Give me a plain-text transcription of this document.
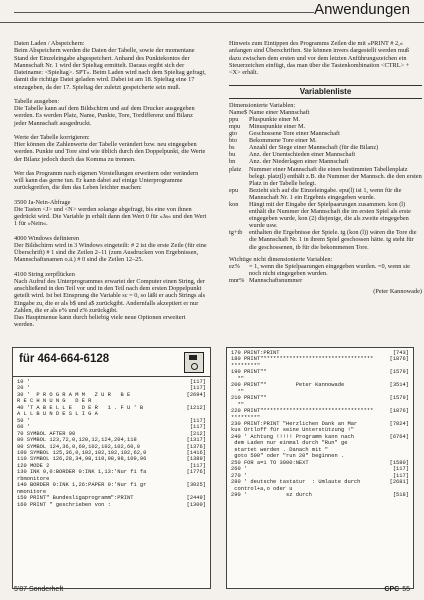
Anwendungen

Daten Laden / Abspeichern:

Beim Abspeichern werden die Daten der Tabelle, sowie der momentane Stand der Einzeleingabe abgespeichert. Anhand des Punktekontos der Mannschaft Nr. 1 wird der Spieltag ermittelt. Daraus ergibt sich der Dateiname: <Spieltag>. SPT«. Beim Laden wird nach dem Spieltag gefragt, damit die richtige Datei geladen wird. Dabei ist am 18. Spieltag eine 17 einzugeben, da der 17. Spieltag der zuletzt gespeicherte sein muß.

Tabelle ausgeben:

Die Tabelle kann auf dem Bildschirm und auf dem Drucker ausgegeben werden. Es werden Platz, Name, Punkte, Tore, Tordifferenz und Bilanz jeder Mannschaft ausgedruckt.

Werte der Tabelle korrigieren:

Hier können die Zahlenwerte der Tabelle verändert bzw. neu eingegeben werden. Punkte und Tore sind wie üblich durch den Doppelpunkt, die Werte der Bilanz jedoch durch das Komma zu trennen.

Wer das Programm nach eigenen Vorstellungen erweitern oder verändern will kann das gerne tun. Er kann dabei auf einige Unterprogramme zurückgreifen, die ihm das Leben leichter machen:

3500 Ja-Nein-Abfrage

Die Tasten <J> und <N> werden solange abgefragt, bis eine von ihnen gedrückt wird. Die Variable jn erhält dann den Wert 0 für »Ja« und den Wert 1 für »Nein«.

4000 Windows definieren

Der Bildschirm wird in 3 Windows eingeteilt: # 2 ist die erste Zeile (für eine Überschrift) # 1 sind die Zeilen 2–11 (zum Ausdrucken von Ergebnissen, Mannschaftsnamen o.ä.) # 0 sind die Zeilen 12–25.

4100 String zerpflücken

Nach Aufruf des Unterprogrammes erwartet der Computer einen String, der anschließend in den Teil vor und in den Teil nach dem ersten Doppelpunkt geteilt wird. Ist bei Einsprung die Variable sc = 0, so läßt er auch Strings als Eingabe zu, die er als b$ und a$ zurückgibt. Andernfalls akzeptiert er nur Zahlen, die er als e% und z% zurückgibt.

Das Hauptmenue kann durch beliebig viele neue Optionen erweitert werden.

Hinweis zum Eintippen des Programms Zeilen die mit »PRINT # 2,« anfangen sind Überschriften. Sie können invers dargestellt werden muß dazu zwischen dem ersten und vor dem letzten Anführungszeichen ein Steuerzeichen einfügt, das man über die Tastenkombination <CTRL> + <X> erhält.

Variablenliste

Dimensionierte Variablen:

Name$	Name einer Mannschaft
ppu	Pluspunkte einer M.
mpu	Minuspunkte einer M.
gto	Geschossene Tore einer Mannschaft
bto	Bekommene Tore einer M.
bs	Anzahl der Siege einer Mannschaft (für die Bilanz)
bu	Anz. der Unentschieden einer Mannschaft
bn	Anz. der Niederlagen einer Mannschaft
platz	Nummer einer Mannschaft die einen bestimmten Tabellenplatz belegt. platz(l) enthält z.B. die Nummer der Mannsch. die den ersten Platz in der Tabelle belegt.
epu	Bezieht sich auf die Einzeleingabe. epu(l) ist 1, wenn für die Mannschaft Nr. 1 ein Ergebnis eingegeben wurde.
kon	Hängt mit der Eingabe der Spielpaarungen zusammen. kon (l) enthält die Nummer der Mannschaft die im ersten Spiel als erste eingegeben wurde, kon (2) diejenige, die als zweite eingegeben wurde usw.
tg+tb	enthalten die Ergebnisse der Spiele. tg (kon (l)) wären die Tore die die Mannschaft Nr. 1 in ihrem Spiel geschossen hätte. tg steht für die geschossenen, tb für die bekommenen Tore.

Wichtige nicht dimensionierte Variablen:

ez%	= 1, wenn die Spielpaarungen eingegeben wurden. =0, wenn sie noch nicht eingegeben wurden.
mnr%	Mannschaftsnummer
(Peter Kannowade)
für 464-664-6128
10 '	[117]
20 '	[117]
30 '  P R O G R A M M   Z U R   B E	[2694]
R E C H N U N G   D E R
40 'T A B E L L E   D E R   1 . F U ' B	[1212]
A L L B U N D E S L I G A
50 '	[117]
60 '	[117]
70 SYMBOL AFTER 90	[212]
80 SYMBOL 123,72,0,120,12,124,204,118	[1317]
90 SYMBOL 124,36,0,60,102,102,102,60,0	[1376]
100 SYMBOL 125,36,0,102,102,102,102,62,0	[1416]
110 SYMBOL 126,28,34,98,110,98,98,109,96	[1389]
120 MODE 2	[117]
130 INK 0,0:BORDER 0:INK 1,13:'Nur fi fa	[1776]
rbmonitore
140 BORDER 0:INK 1,26:PAPER 0:'Nur fi gr	[3025]
nmonitore
150 PRINT" Bundesligaprogramm":PRINT	[2449]
160 PRINT " geschrieben von :	[1300]
170 PRINT:PRINT	[743]
180 PRINT"**********************************	[1876]
********"
190 PRINT"*	[1579]
*"
200 PRINT"*         Peter Kannowade	[3514]
*"
210 PRINT"*	[1579]
*"
220 PRINT"**********************************	[1876]
********"
230 PRINT:PRINT "Herzlichen Dank an Mar	[7824]
kus Ortloff für seine Unterstützung !"
240 ' Achtung !!!!! Programm kann nach	[6764]
dem Laden nur einmal durch "Run" ge
startet werden . Danach mit "
goto 500" oder "run 20" beginnen .
250 FOR a=1 TO 3000:NEXT	[1580]
260 '	[117]
270 '	[117]
280 ' deutsche tastatur  : Umlaute durch	[2681]
control+a,o oder u
290 '            sz durch	[518]
5'87 Sonderheft	CPC 55
